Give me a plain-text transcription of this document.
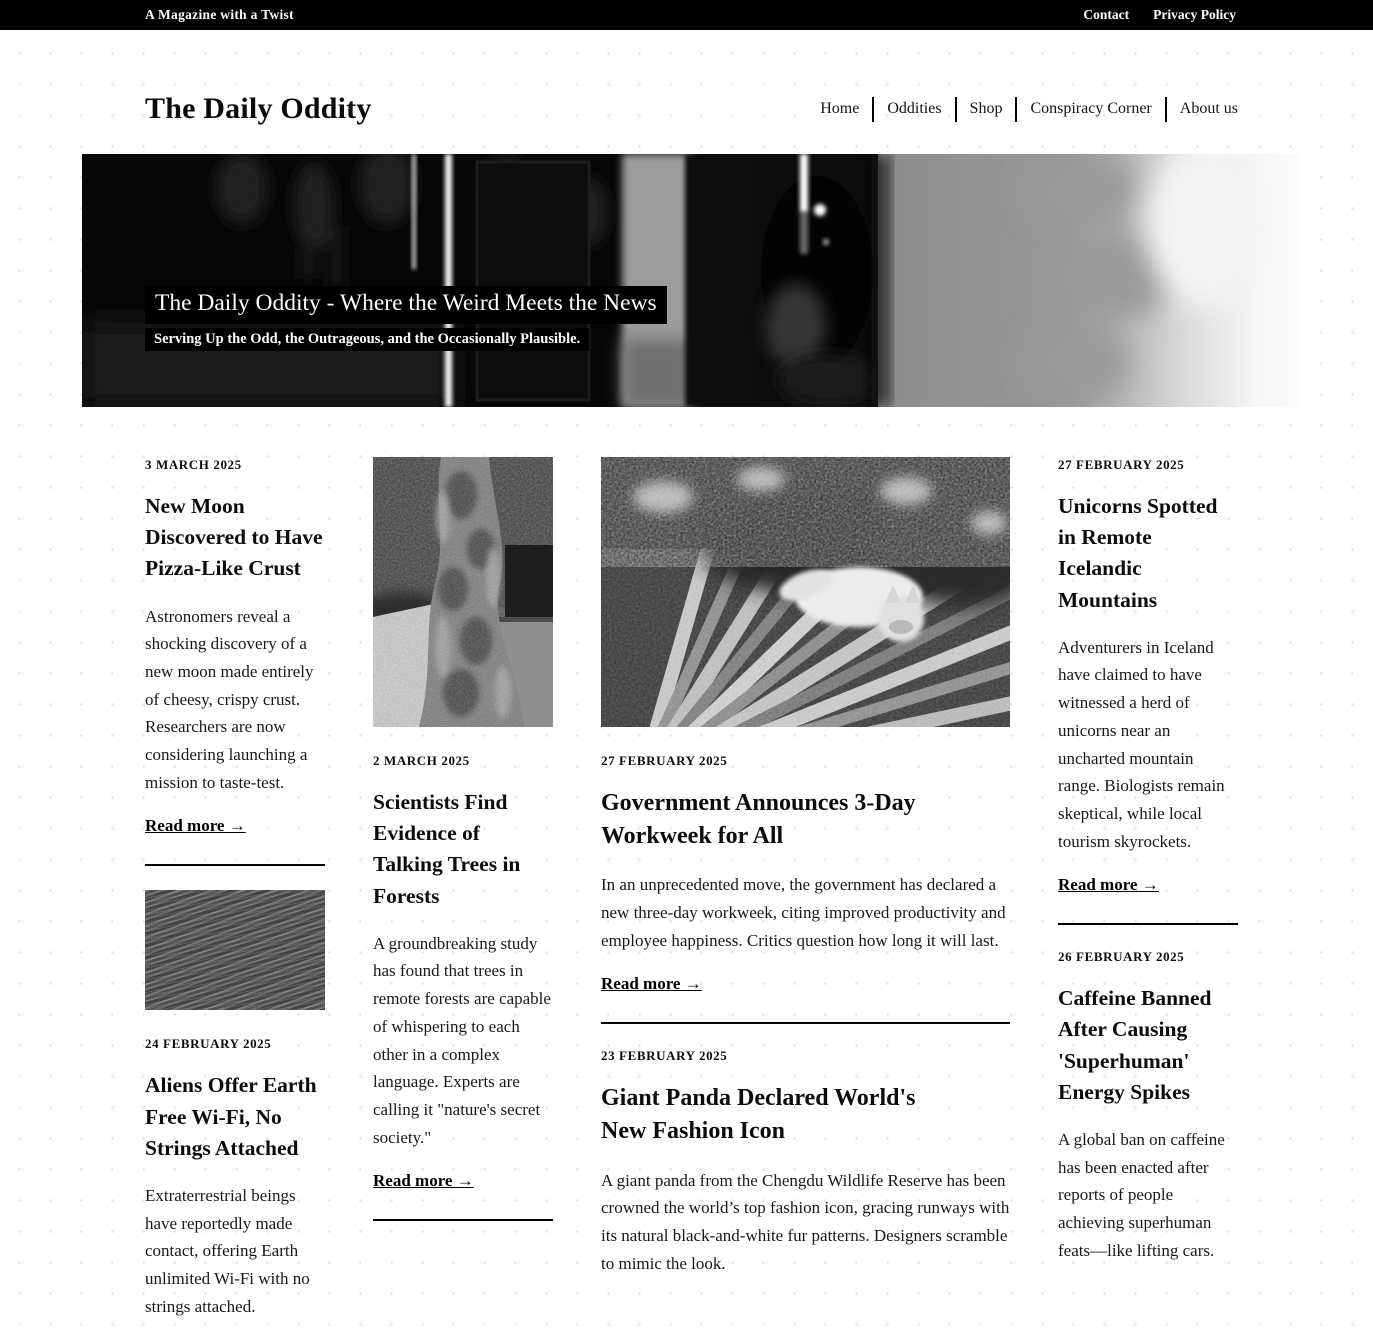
A Magazine with a Twist	Contact Privacy Policy
The Daily Oddity	Home Oddities Shop Conspiracy Corner About us
The Daily Oddity - Where the Weird Meets the News
Serving Up the Odd, the Outrageous, and the Occasionally Plausible.

3 MARCH 2025

New Moon Discovered to Have Pizza-Like Crust

Astronomers reveal a shocking discovery of a new moon made entirely of cheesy, crispy crust. Researchers are now considering launching a mission to taste-test.

Read more →

24 FEBRUARY 2025

Aliens Offer Earth Free Wi-Fi, No Strings Attached

Extraterrestrial beings have reportedly made contact, offering Earth unlimited Wi-Fi with no strings attached.

2 MARCH 2025

Scientists Find Evidence of Talking Trees in Forests

A groundbreaking study has found that trees in remote forests are capable of whispering to each other in a complex language. Experts are calling it "nature's secret society."

Read more →

27 FEBRUARY 2025

Government Announces 3-Day Workweek for All

In an unprecedented move, the government has declared a new three-day workweek, citing improved productivity and employee happiness. Critics question how long it will last.

Read more →

23 FEBRUARY 2025

Giant Panda Declared World's New Fashion Icon

A giant panda from the Chengdu Wildlife Reserve has been crowned the world’s top fashion icon, gracing runways with its natural black-and-white fur patterns. Designers scramble to mimic the look.

27 FEBRUARY 2025

Unicorns Spotted in Remote Icelandic Mountains

Adventurers in Iceland have claimed to have witnessed a herd of unicorns near an uncharted mountain range. Biologists remain skeptical, while local tourism skyrockets.

Read more →

26 FEBRUARY 2025

Caffeine Banned After Causing 'Superhuman' Energy Spikes

A global ban on caffeine has been enacted after reports of people achieving superhuman feats—like lifting cars.
